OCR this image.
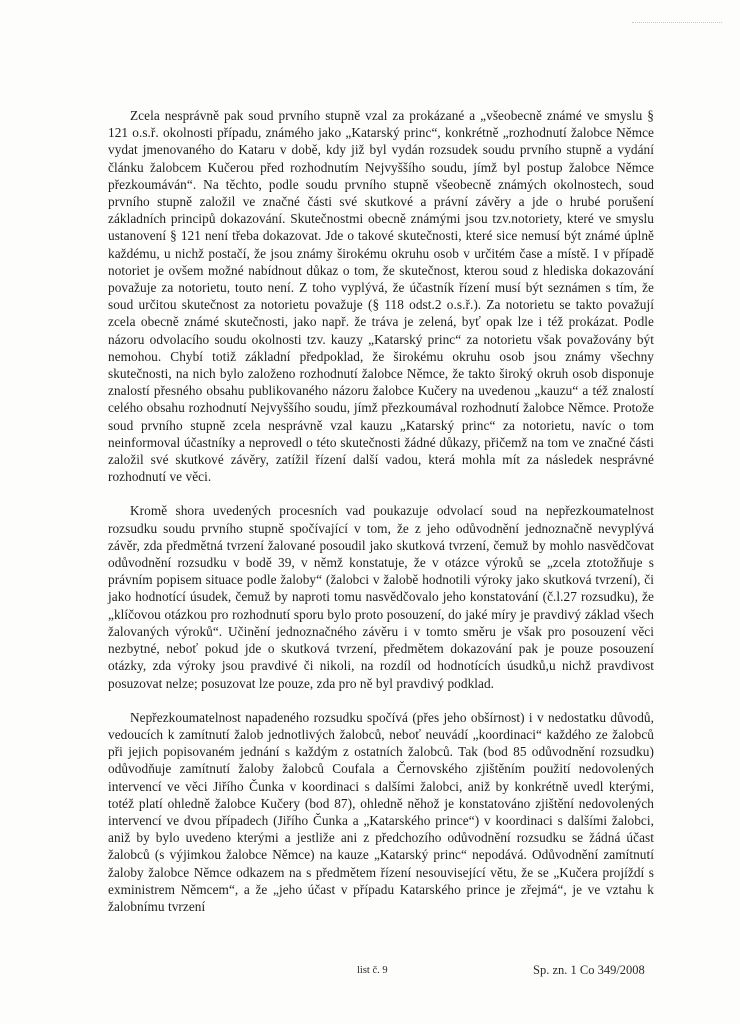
Zcela nesprávně pak soud prvního stupně vzal za prokázané a „všeobecně známé ve smyslu § 121 o.s.ř. okolnosti případu, známého jako „Katarský princ“, konkrétně „rozhodnutí žalobce Němce vydat jmenovaného do Kataru v době, kdy již byl vydán rozsudek soudu prvního stupně a vydání článku žalobcem Kučerou před rozhodnutím Nejvyššího soudu, jímž byl postup žalobce Němce přezkoumáván“. Na těchto, podle soudu prvního stupně všeobecně známých okolnostech, soud prvního stupně založil ve značné části své skutkové a právní závěry a jde o hrubé porušení základních principů dokazování. Skutečnostmi obecně známými jsou tzv.notoriety, které ve smyslu ustanovení § 121 není třeba dokazovat. Jde o takové skutečnosti, které sice nemusí být známé úplně každému, u nichž postačí, že jsou známy širokému okruhu osob v určitém čase a místě. I v případě notoriet je ovšem možné nabídnout důkaz o tom, že skutečnost, kterou soud z hlediska dokazování považuje za notorietu, touto není. Z toho vyplývá, že účastník řízení musí být seznámen s tím, že soud určitou skutečnost za notorietu považuje (§ 118 odst.2 o.s.ř.). Za notorietu se takto považují zcela obecně známé skutečnosti, jako např. že tráva je zelená, byť opak lze i též prokázat. Podle názoru odvolacího soudu okolnosti tzv. kauzy „Katarský princ“ za notorietu však považovány být nemohou. Chybí totiž základní předpoklad, že širokému okruhu osob jsou známy všechny skutečnosti, na nich bylo založeno rozhodnutí žalobce Němce, že takto široký okruh osob disponuje znalostí přesného obsahu publikovaného názoru žalobce Kučery na uvedenou „kauzu“ a též znalostí celého obsahu rozhodnutí Nejvyššího soudu, jímž přezkoumával rozhodnutí žalobce Němce. Protože soud prvního stupně zcela nesprávně vzal kauzu „Katarský princ“ za notorietu, navíc o tom neinformoval účastníky a neprovedl o této skutečnosti žádné důkazy, přičemž na tom ve značné části založil své skutkové závěry, zatížil řízení další vadou, která mohla mít za následek nesprávné rozhodnutí ve věci.

Kromě shora uvedených procesních vad poukazuje odvolací soud na nepřezkoumatelnost rozsudku soudu prvního stupně spočívající v tom, že z jeho odůvodnění jednoznačně nevyplývá závěr, zda předmětná tvrzení žalované posoudil jako skutková tvrzení, čemuž by mohlo nasvědčovat odůvodnění rozsudku v bodě 39, v němž konstatuje, že v otázce výroků se „zcela ztotožňuje s právním popisem situace podle žaloby“ (žalobci v žalobě hodnotili výroky jako skutková tvrzení), či jako hodnotící úsudek, čemuž by naproti tomu nasvědčovalo jeho konstatování (č.l.27 rozsudku), že „klíčovou otázkou pro rozhodnutí sporu bylo proto posouzení, do jaké míry je pravdivý základ všech žalovaných výroků“. Učinění jednoznačného závěru i v tomto směru je však pro posouzení věci nezbytné, neboť pokud jde o skutková tvrzení, předmětem dokazování pak je pouze posouzení otázky, zda výroky jsou pravdivé či nikoli, na rozdíl od hodnotících úsudků,u nichž pravdivost posuzovat nelze; posuzovat lze pouze, zda pro ně byl pravdivý podklad.

Nepřezkoumatelnost napadeného rozsudku spočívá (přes jeho obšírnost) i v nedostatku důvodů, vedoucích k zamítnutí žalob jednotlivých žalobců, neboť neuvádí „koordinaci“ každého ze žalobců při jejich popisovaném jednání s každým z ostatních žalobců. Tak (bod 85 odůvodnění rozsudku) odůvodňuje zamítnutí žaloby žalobců Coufala a Černovského zjištěním použití nedovolených intervencí ve věci Jiřího Čunka v koordinaci s dalšími žalobci, aniž by konkrétně uvedl kterými, totéž platí ohledně žalobce Kučery (bod 87), ohledně něhož je konstatováno zjištění nedovolených intervencí ve dvou případech (Jiřího Čunka a „Katarského prince“) v koordinaci s dalšími žalobci, aniž by bylo uvedeno kterými a jestliže ani z předchozího odůvodnění rozsudku se žádná účast žalobců (s výjimkou žalobce Němce) na kauze „Katarský princ“ nepodává. Odůvodnění zamítnutí žaloby žalobce Němce odkazem na s předmětem řízení nesouvisející větu, že se „Kučera projíždí s exministrem Němcem“, a že „jeho účast v případu Katarského prince je zřejmá“, je ve vztahu k žalobnímu tvrzení

list č. 9	Sp. zn. 1 Co 349/2008
